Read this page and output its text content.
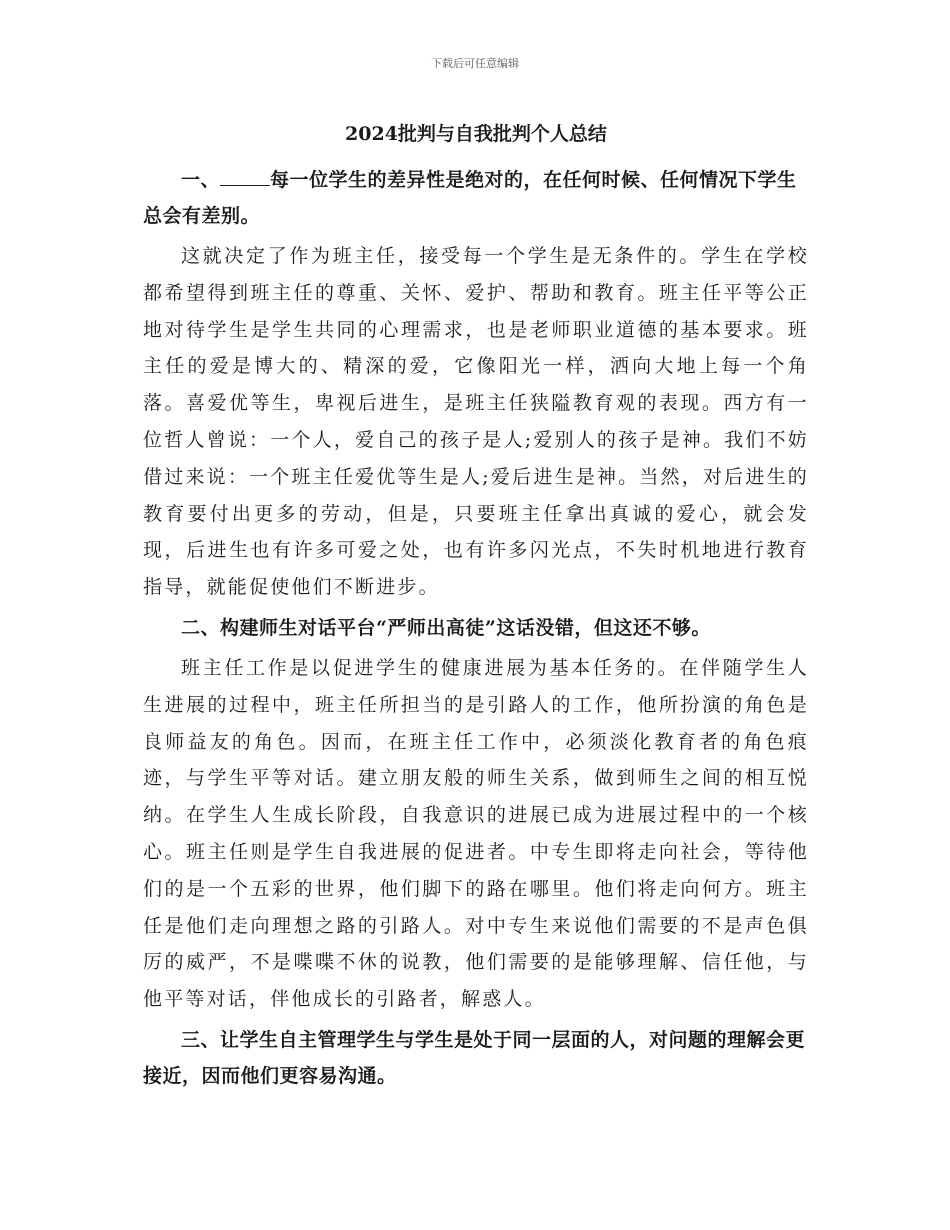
下载后可任意编辑
2024批判与自我批判个人总结
一、	每一位学生的差异性是绝对的，在任何时候、任何情况下学生总会有差别。

这就决定了作为班主任，接受每一个学生是无条件的。学生在学校都希望得到班主任的尊重、关怀、爱护、帮助和教育。班主任平等公正地对待学生是学生共同的心理需求，也是老师职业道德的基本要求。班主任的爱是博大的、精深的爱，它像阳光一样，洒向大地上每一个角落。喜爱优等生，卑视后进生，是班主任狭隘教育观的表现。西方有一位哲人曾说：一个人，爱自己的孩子是人;爱别人的孩子是神。我们不妨借过来说：一个班主任爱优等生是人;爱后进生是神。当然，对后进生的教育要付出更多的劳动，但是，只要班主任拿出真诚的爱心，就会发现，后进生也有许多可爱之处，也有许多闪光点，不失时机地进行教育指导，就能促使他们不断进步。

二、构建师生对话平台“严师出高徒”这话没错，但这还不够。

班主任工作是以促进学生的健康进展为基本任务的。在伴随学生人生进展的过程中，班主任所担当的是引路人的工作，他所扮演的角色是良师益友的角色。因而，在班主任工作中，必须淡化教育者的角色痕迹，与学生平等对话。建立朋友般的师生关系，做到师生之间的相互悦纳。在学生人生成长阶段，自我意识的进展已成为进展过程中的一个核心。班主任则是学生自我进展的促进者。中专生即将走向社会，等待他们的是一个五彩的世界，他们脚下的路在哪里。他们将走向何方。班主任是他们走向理想之路的引路人。对中专生来说他们需要的不是声色俱厉的威严，不是喋喋不休的说教，他们需要的是能够理解、信任他，与他平等对话，伴他成长的引路者，解惑人。

三、让学生自主管理学生与学生是处于同一层面的人，对问题的理解会更接近，因而他们更容易沟通。
